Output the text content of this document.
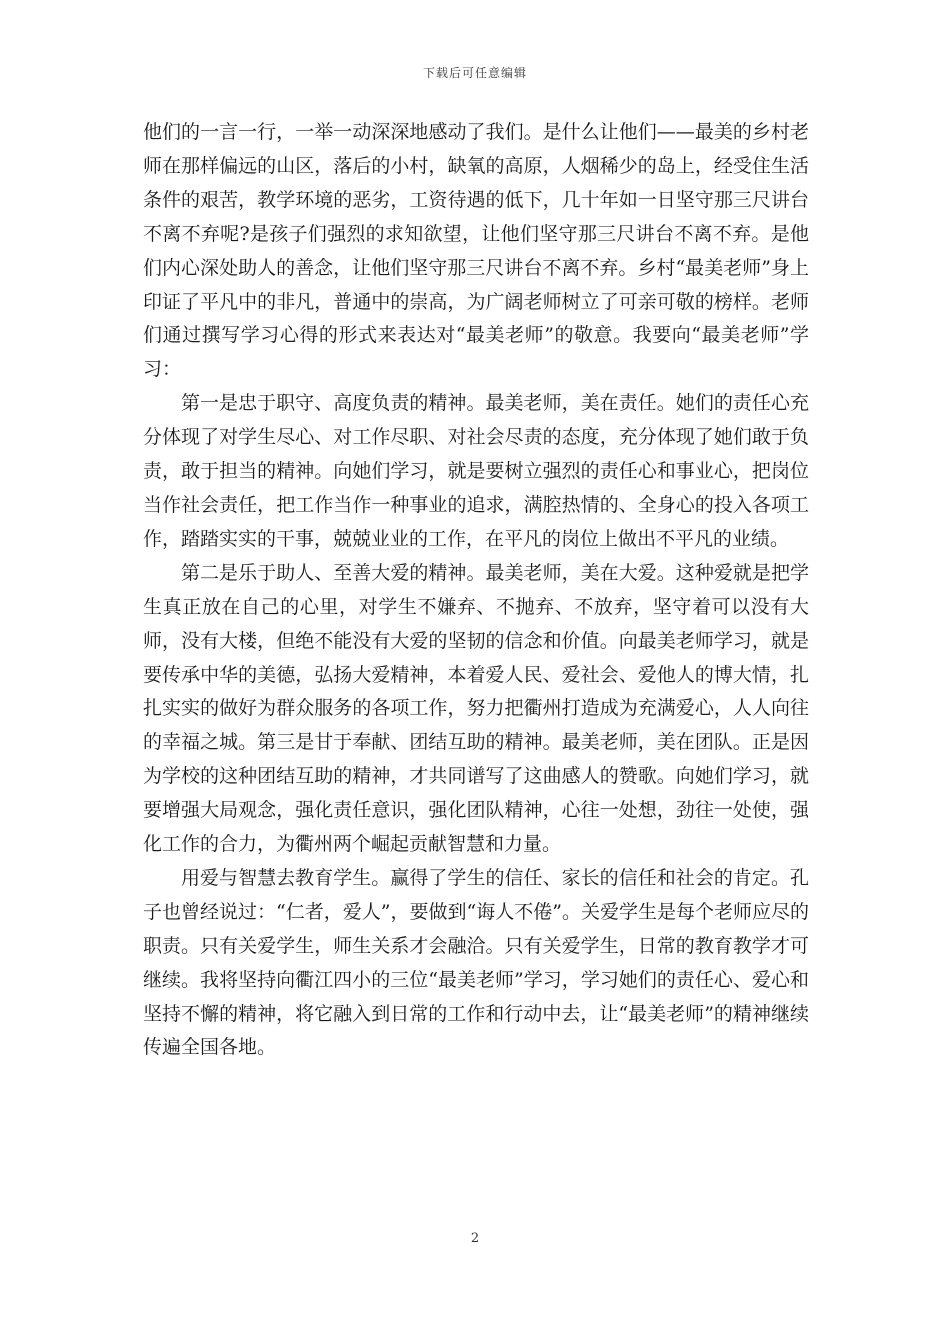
下载后可任意编辑

他们的一言一行，一举一动深深地感动了我们。是什么让他们——最美的乡村老师在那样偏远的山区，落后的小村，缺氧的高原，人烟稀少的岛上，经受住生活条件的艰苦，教学环境的恶劣，工资待遇的低下，几十年如一日坚守那三尺讲台不离不弃呢?是孩子们强烈的求知欲望，让他们坚守那三尺讲台不离不弃。是他们内心深处助人的善念，让他们坚守那三尺讲台不离不弃。乡村“最美老师”身上印证了平凡中的非凡，普通中的崇高，为广阔老师树立了可亲可敬的榜样。老师们通过撰写学习心得的形式来表达对“最美老师”的敬意。我要向“最美老师”学习：

第一是忠于职守、高度负责的精神。最美老师，美在责任。她们的责任心充分体现了对学生尽心、对工作尽职、对社会尽责的态度，充分体现了她们敢于负责，敢于担当的精神。向她们学习，就是要树立强烈的责任心和事业心，把岗位当作社会责任，把工作当作一种事业的追求，满腔热情的、全身心的投入各项工作，踏踏实实的干事，兢兢业业的工作，在平凡的岗位上做出不平凡的业绩。

第二是乐于助人、至善大爱的精神。最美老师，美在大爱。这种爱就是把学生真正放在自己的心里，对学生不嫌弃、不抛弃、不放弃，坚守着可以没有大师，没有大楼，但绝不能没有大爱的坚韧的信念和价值。向最美老师学习，就是要传承中华的美德，弘扬大爱精神，本着爱人民、爱社会、爱他人的博大情，扎扎实实的做好为群众服务的各项工作，努力把衢州打造成为充满爱心，人人向往的幸福之城。第三是甘于奉献、团结互助的精神。最美老师，美在团队。正是因为学校的这种团结互助的精神，才共同谱写了这曲感人的赞歌。向她们学习，就要增强大局观念，强化责任意识，强化团队精神，心往一处想，劲往一处使，强化工作的合力，为衢州两个崛起贡献智慧和力量。

用爱与智慧去教育学生。赢得了学生的信任、家长的信任和社会的肯定。孔子也曾经说过：“仁者，爱人”，要做到“诲人不倦”。关爱学生是每个老师应尽的职责。只有关爱学生，师生关系才会融洽。只有关爱学生，日常的教育教学才可继续。我将坚持向衢江四小的三位“最美老师”学习，学习她们的责任心、爱心和坚持不懈的精神，将它融入到日常的工作和行动中去，让“最美老师”的精神继续传遍全国各地。

2
